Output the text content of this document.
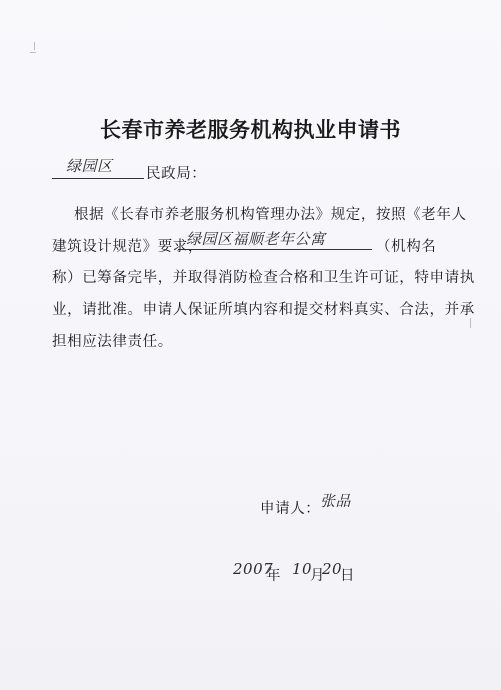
长春市养老服务机构执业申请书
绿园区 民政局：
根据《长春市养老服务机构管理办法》规定，按照《老年人
建筑设计规范》要求，
绿园区福顺老年公寓	（机构名
称）已筹备完毕，并取得消防检查合格和卫生许可证，特申请执
业，请批准。申请人保证所填内容和提交材料真实、合法，并承
担相应法律责任。
申请人： 张品
2007
年 10
月
20
日
